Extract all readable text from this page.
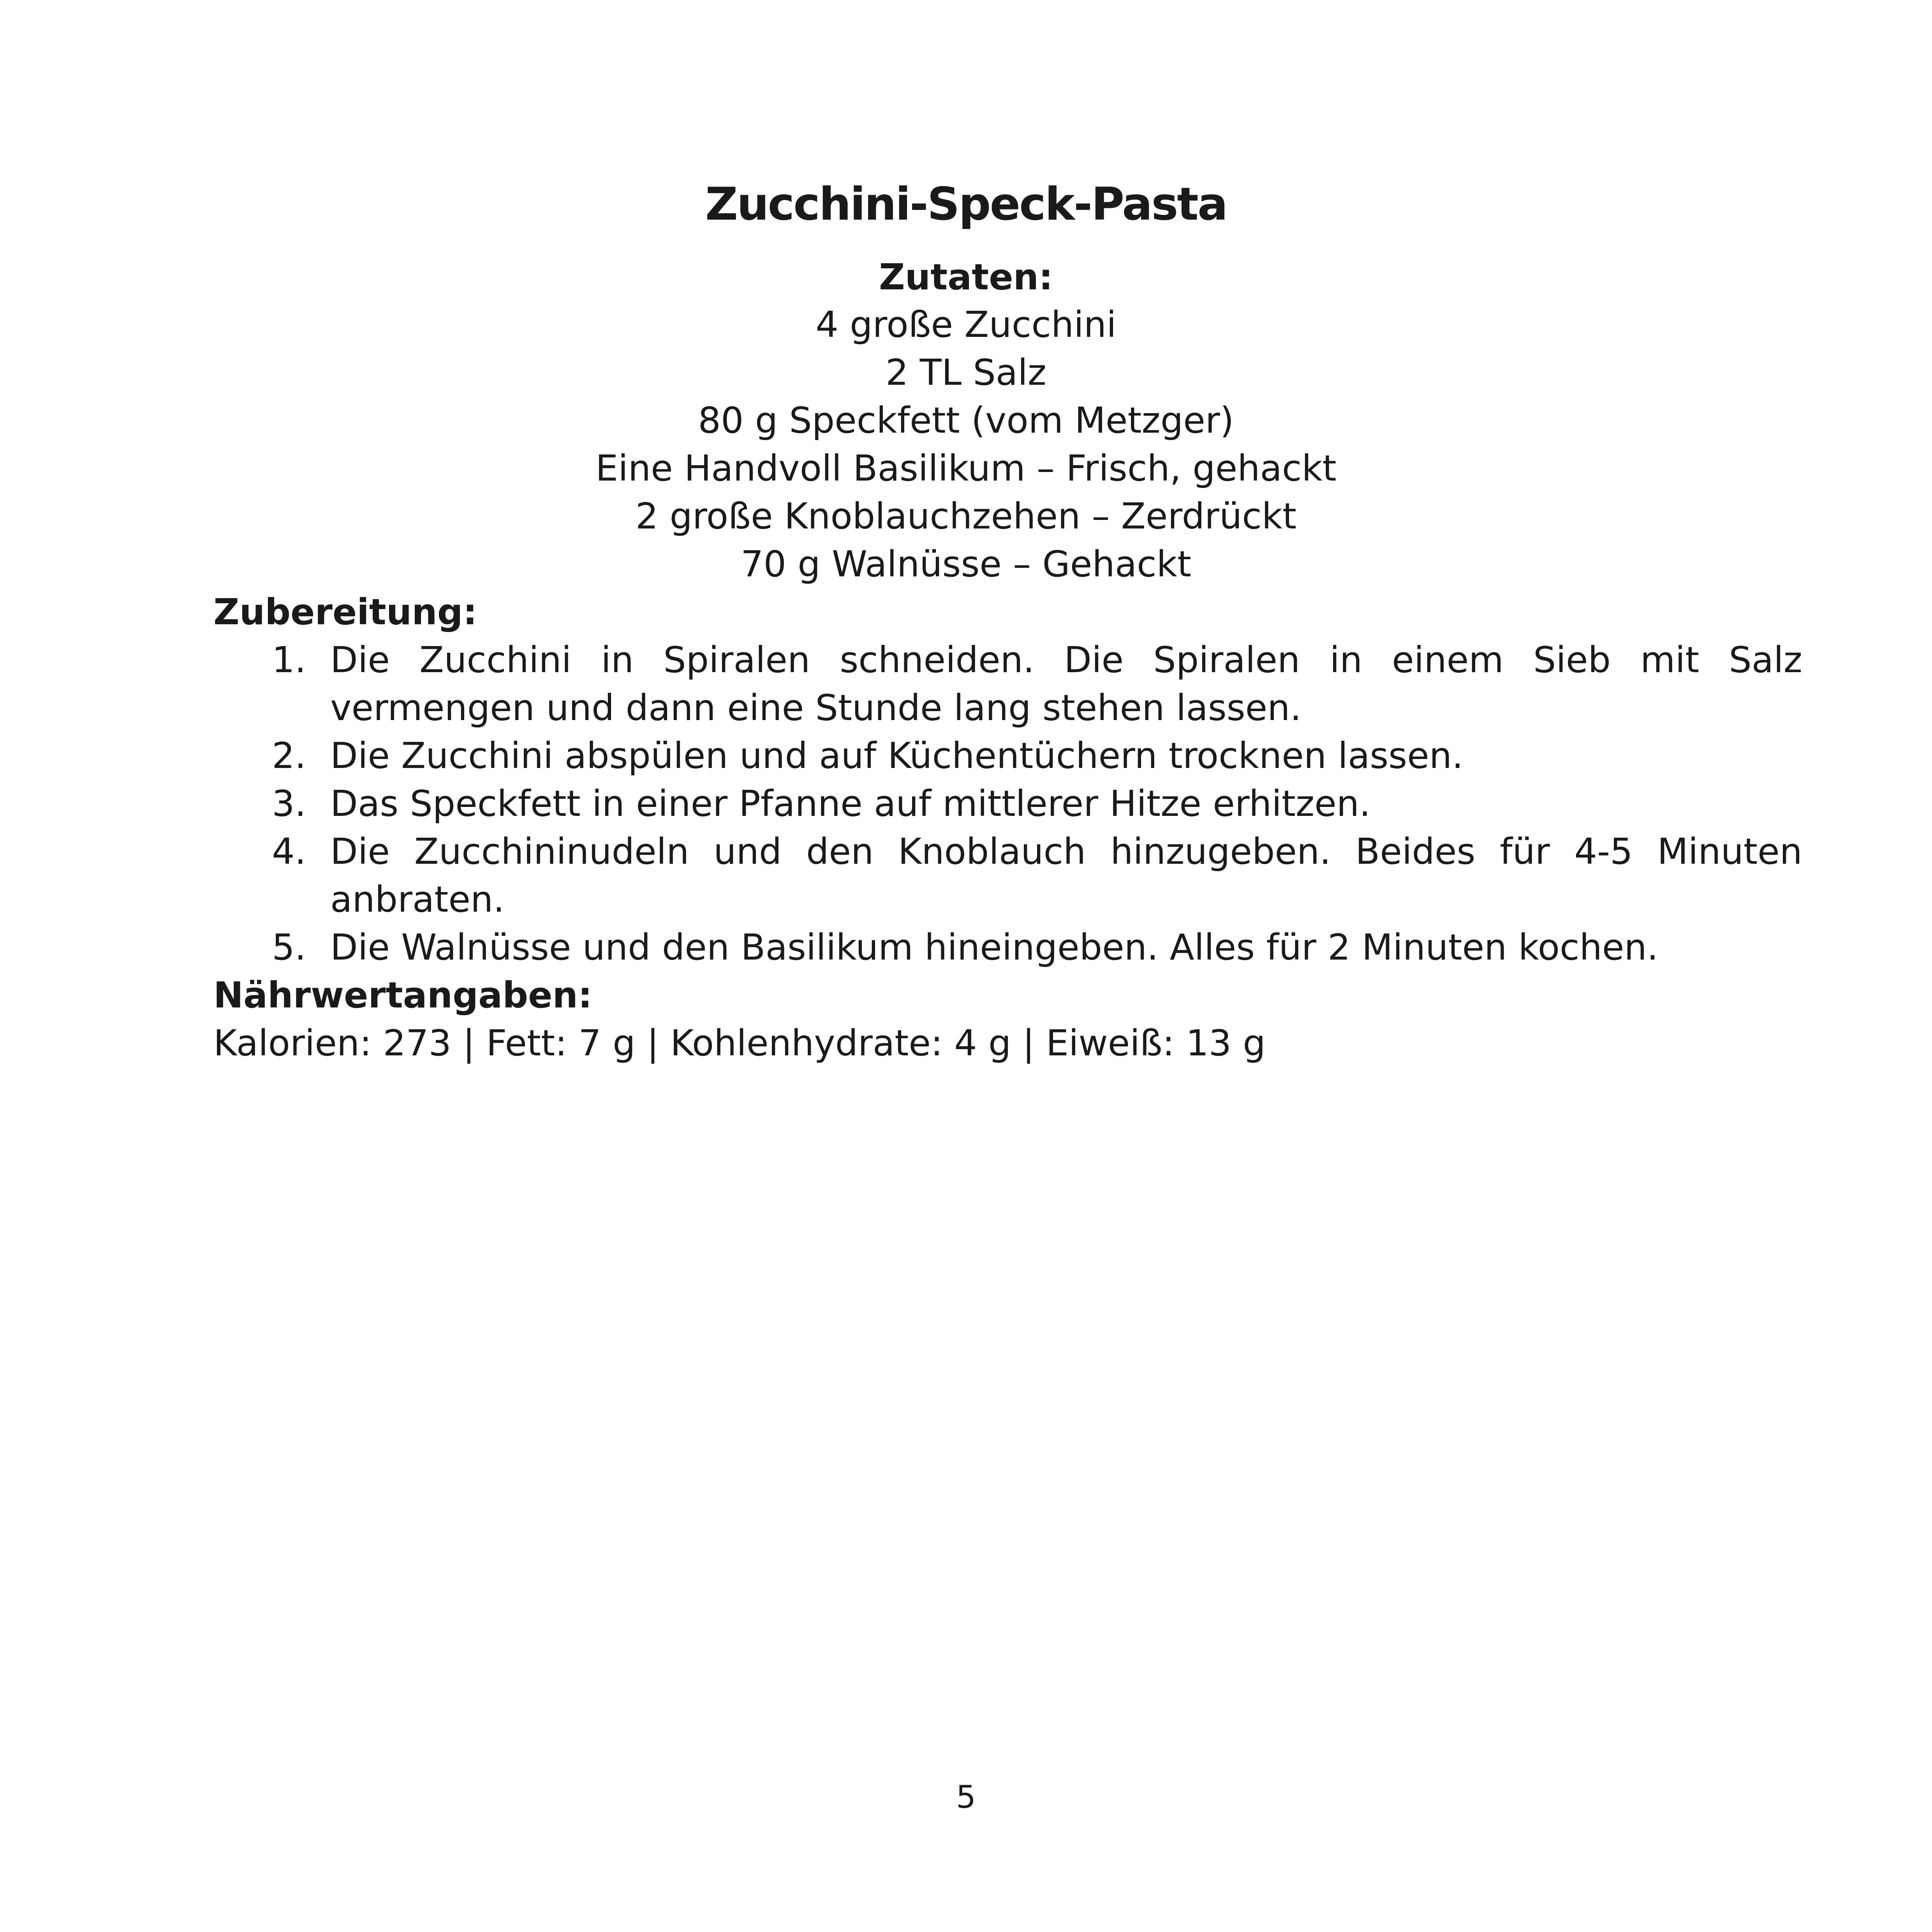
Zucchini-Speck-Pasta
Zutaten:
4 große Zucchini
2 TL Salz
80 g Speckfett (vom Metzger)
Eine Handvoll Basilikum – Frisch, gehackt
2 große Knoblauchzehen – Zerdrückt
70 g Walnüsse – Gehackt
Zubereitung:
1. Die Zucchini in Spiralen schneiden. Die Spiralen in einem Sieb mit Salz vermengen und dann eine Stunde lang stehen lassen.
2. Die Zucchini abspülen und auf Küchentüchern trocknen lassen.
3. Das Speckfett in einer Pfanne auf mittlerer Hitze erhitzen.
4. Die Zucchininudeln und den Knoblauch hinzugeben. Beides für 4-5 Minuten anbraten.
5. Die Walnüsse und den Basilikum hineingeben. Alles für 2 Minuten kochen.
Nährwertangaben:

Kalorien: 273 | Fett: 7 g | Kohlenhydrate: 4 g | Eiweiß: 13 g

5
